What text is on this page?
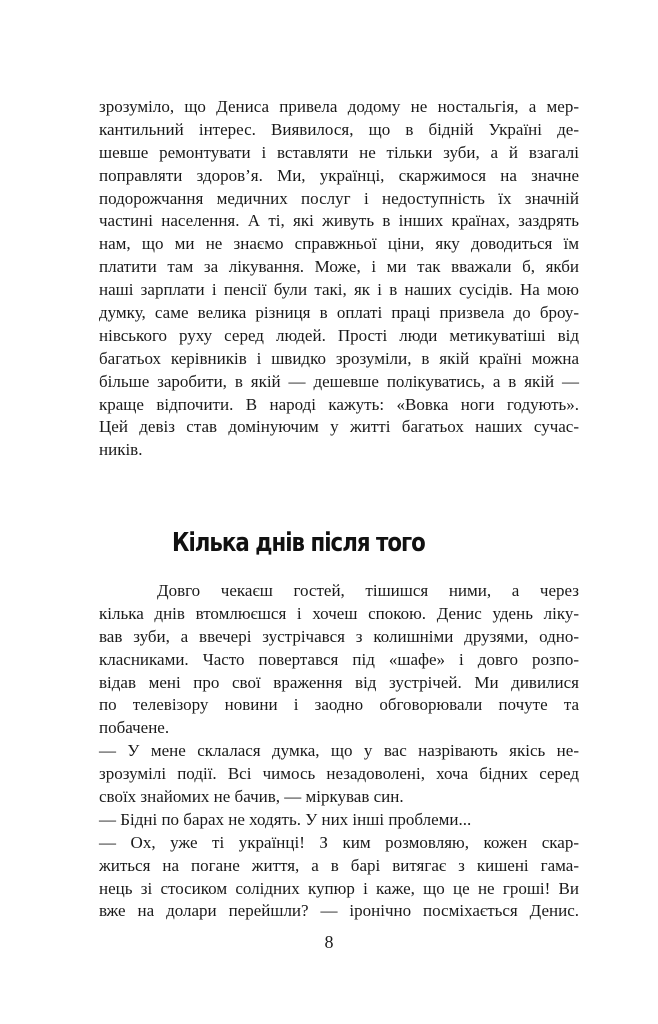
зрозуміло, що Дениса привела додому не ностальгія, а мер-
кантильний інтерес. Виявилося, що в бідній Україні де-
шевше ремонтувати і вставляти не тільки зуби, а й взагалі
поправляти здоров’я. Ми, українці, скаржимося на значне
подорожчання медичних послуг і недоступність їх значній
частині населення. А ті, які живуть в інших країнах, заздрять
нам, що ми не знаємо справжньої ціни, яку доводиться їм
платити там за лікування. Може, і ми так вважали б, якби
наші зарплати і пенсії були такі, як і в наших сусідів. На мою
думку, саме велика різниця в оплаті праці призвела до броу-
нівського руху серед людей. Прості люди метикуватіші від
багатьох керівників і швидко зрозуміли, в якій країні можна
більше заробити, в якій — дешевше полікуватись, а в якій —
краще відпочити. В народі кажуть: «Вовка ноги годують».
Цей девіз став домінуючим у житті багатьох наших сучас-
ників.
Кілька днів після того
Довго чекаєш гостей, тішишся ними, а через
кілька днів втомлюєшся і хочеш спокою. Денис удень ліку-
вав зуби, а ввечері зустрічався з колишніми друзями, одно-
класниками. Часто повертався під «шафе» і довго розпо-
відав мені про свої враження від зустрічей. Ми дивилися
по телевізору новини і заодно обговорювали почуте та
побачене.
— У мене склалася думка, що у вас назрівають якісь не-
зрозумілі події. Всі чимось незадоволені, хоча бідних серед
своїх знайомих не бачив, — міркував син.
— Бідні по барах не ходять. У них інші проблеми...
— Ох, уже ті українці! З ким розмовляю, кожен скар-
житься на погане життя, а в барі витягає з кишені гама-
нець зі стосиком солідних купюр і каже, що це не гроші! Ви
вже на долари перейшли? — іронічно посміхається Денис.
8
